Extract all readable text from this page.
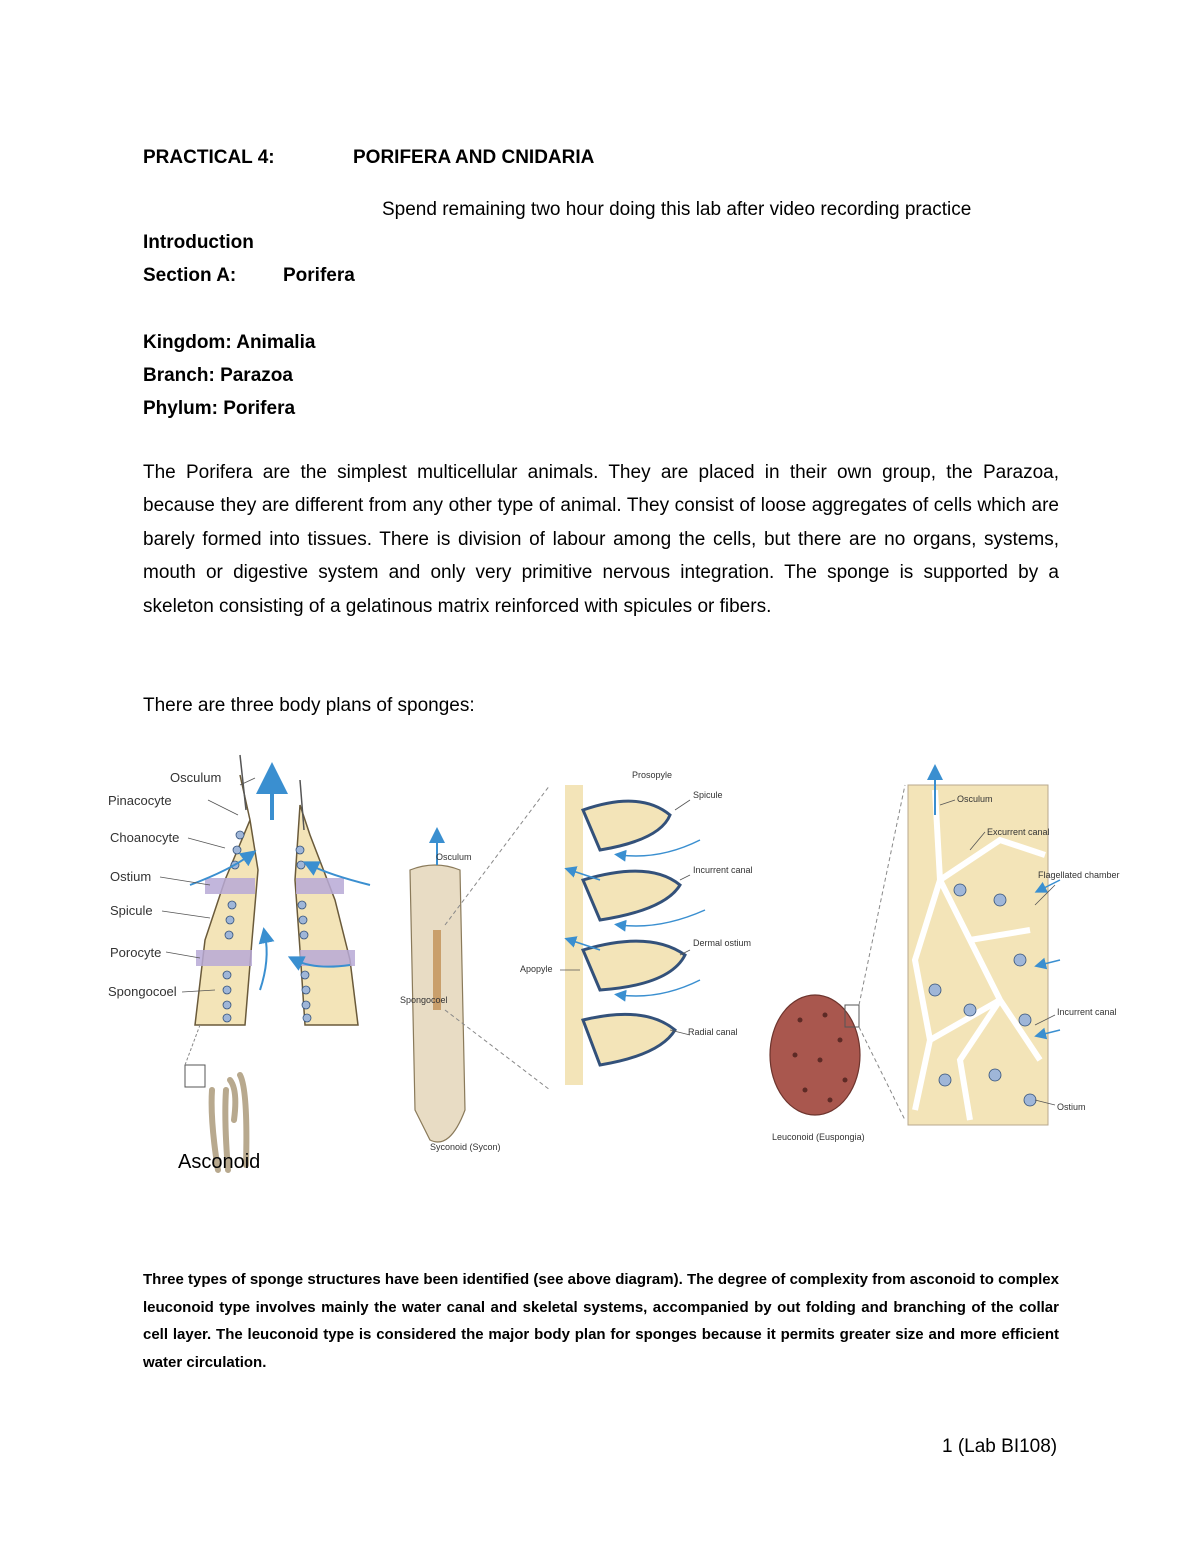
PRACTICAL 4:	PORIFERA AND CNIDARIA
Spend remaining two hour doing this lab after video recording practice
Introduction
Section A: Porifera
Kingdom: Animalia
Branch: Parazoa
Phylum: Porifera
The Porifera are the simplest multicellular animals. They are placed in their own group, the Parazoa, because they are different from any other type of animal. They consist of loose aggregates of cells which are barely formed into tissues. There is division of labour among the cells, but there are no organs, systems, mouth or digestive system and only very primitive nervous integration. The sponge is supported by a skeleton consisting of a gelatinous matrix reinforced with spicules or fibers.
There are three body plans of sponges:
Osculum
Pinacocyte
Choanocyte
Ostium
Spicule
Porocyte
Spongocoel
Prosopyle
Spicule
Osculum
Incurrent canal
Dermal ostium
Apopyle
Spongocoel
Radial canal
Syconoid (Sycon)
Osculum
Excurrent canal
Flagellated chamber
Incurrent canal
Ostium
Leuconoid (Euspongia)
Asconoid
Three types of sponge structures have been identified (see above diagram). The degree of complexity from asconoid to complex leuconoid type involves mainly the water canal and skeletal systems, accompanied by out folding and branching of the collar cell layer. The leuconoid type is considered the major body plan for sponges because it permits greater size and more efficient water circulation.
1 (Lab BI108)
